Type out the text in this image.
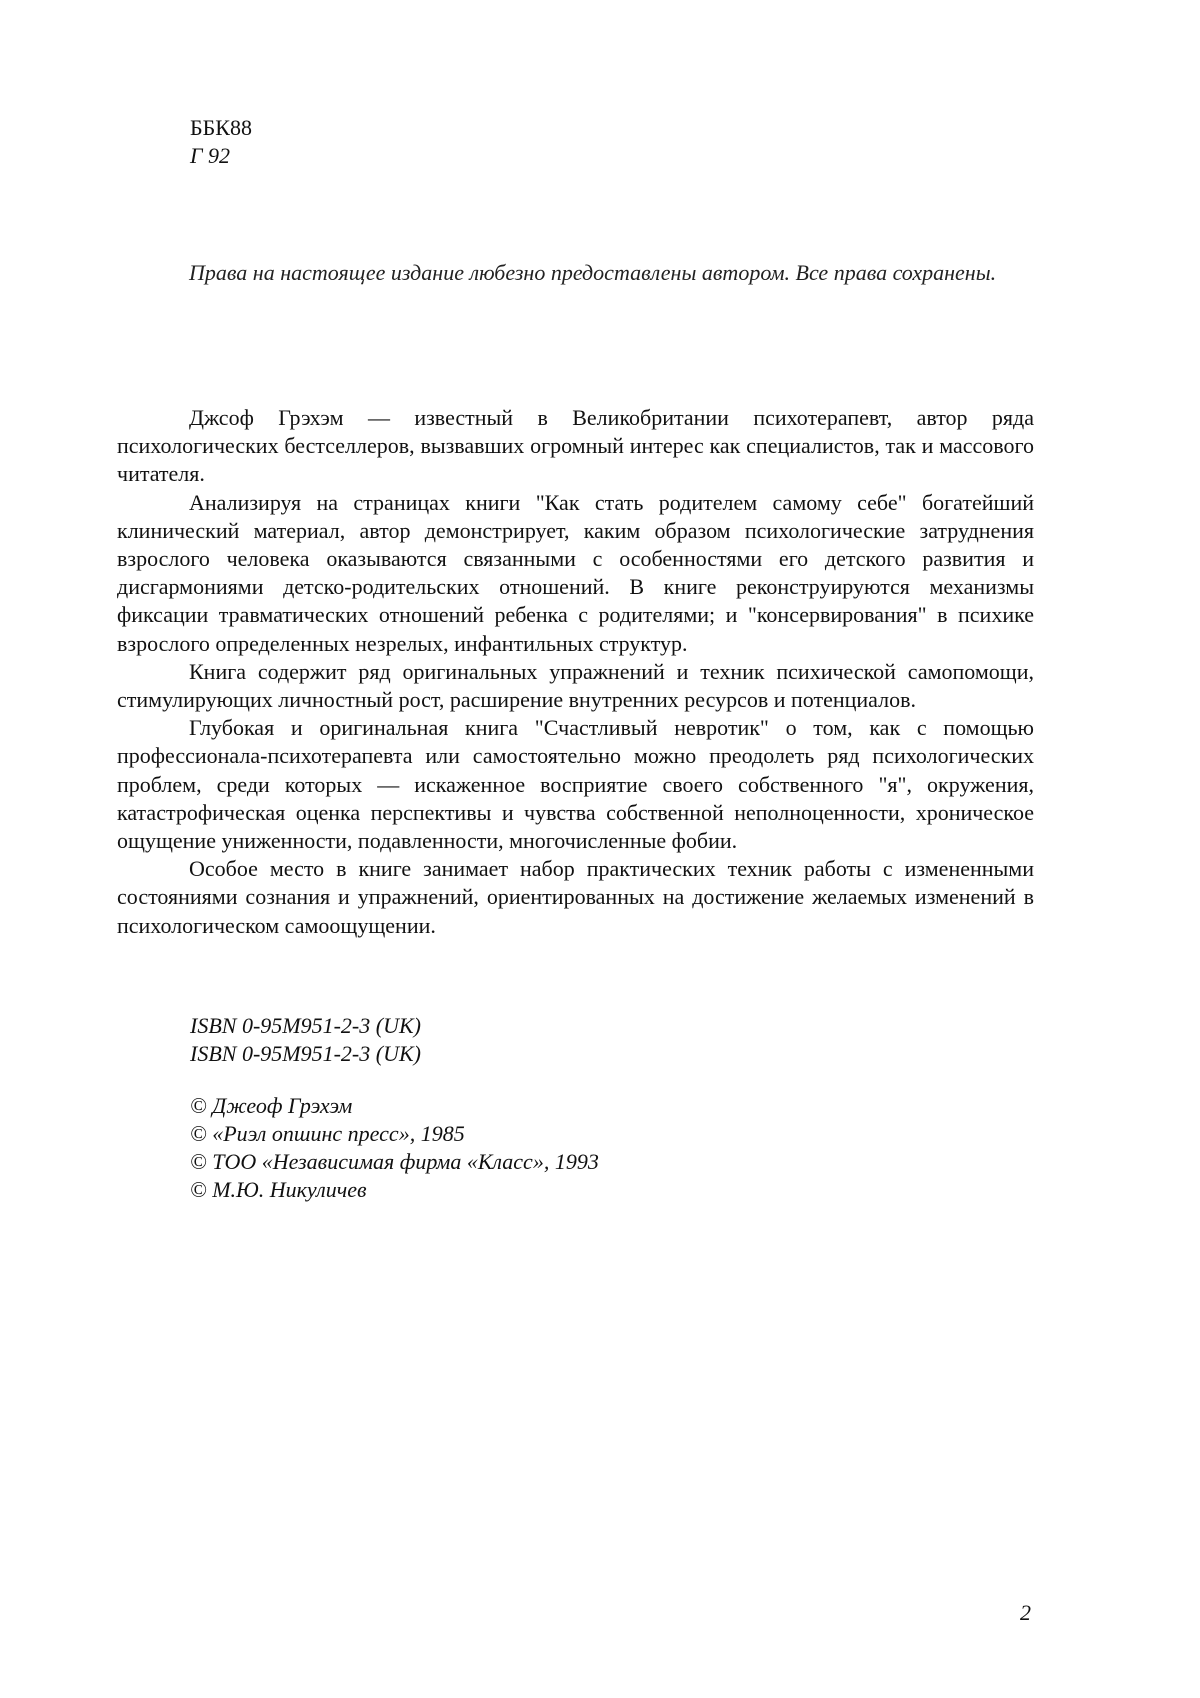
ББК88
Г 92
Права на настоящее издание любезно предоставлены автором. Все права сохранены.

Джсоф Грэхэм — известный в Великобритании психотерапевт, автор ряда психологических бестселлеров, вызвавших огромный интерес как специалистов, так и массового читателя.

Анализируя на страницах книги "Как стать родителем самому себе" богатейший клинический материал, автор демонстрирует, каким образом психологические затруднения взрослого человека оказываются связанными с особенностями его детского развития и дисгармониями детско-родительских отношений. В книге реконструируются механизмы фиксации травматических отношений ребенка с родителями; и "консервирования" в психике взрослого определенных незрелых, инфантильных структур.

Книга содержит ряд оригинальных упражнений и техник психической самопомощи, стимулирующих личностный рост, расширение внутренних ресурсов и потенциалов.

Глубокая и оригинальная книга "Счастливый невротик" о том, как с помощью профессионала-психотерапевта или самостоятельно можно преодолеть ряд психологических проблем, среди которых — искаженное восприятие своего собственного "я", окружения, катастрофическая оценка перспективы и чувства собственной неполноценности, хроническое ощущение униженности, подавленности, многочисленные фобии.

Особое место в книге занимает набор практических техник работы с измененными состояниями сознания и упражнений, ориентированных на достижение желаемых изменений в психологическом самоощущении.

ISBN 0-95M951-2-3 (UK)
ISBN 0-95M951-2-3 (UK)
© Джеоф Грэхэм
© «Риэл опшинс пресс», 1985
© ТОО «Независимая фирма «Класс», 1993
© М.Ю. Никуличев
2
